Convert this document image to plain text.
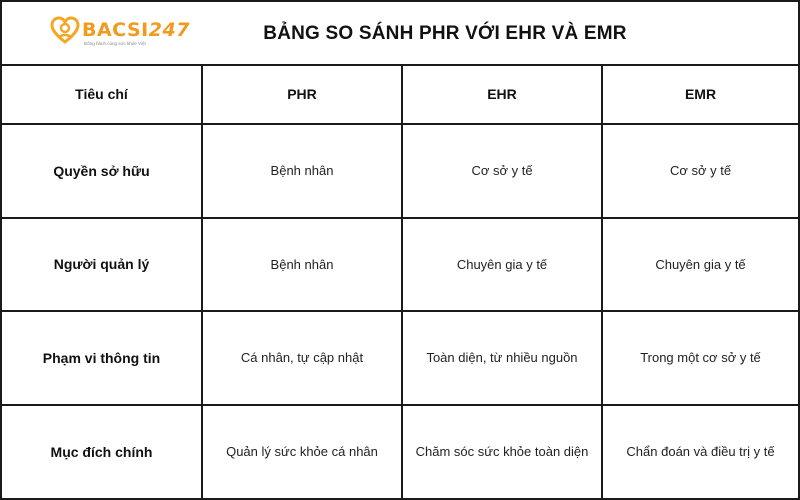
BACSI247
Đồng hành cùng sức khỏe Việt	BẢNG SO SÁNH PHR VỚI EHR VÀ EMR
Tiêu chí	PHR	EHR	EMR
Quyền sở hữu	Bệnh nhân	Cơ sở y tế	Cơ sở y tế
Người quản lý	Bệnh nhân	Chuyên gia y tế	Chuyên gia y tế
Phạm vi thông tin	Cá nhân, tự cập nhật	Toàn diện, từ nhiều nguồn	Trong một cơ sở y tế
Mục đích chính	Quản lý sức khỏe cá nhân	Chăm sóc sức khỏe toàn diện	Chẩn đoán và điều trị y tế
